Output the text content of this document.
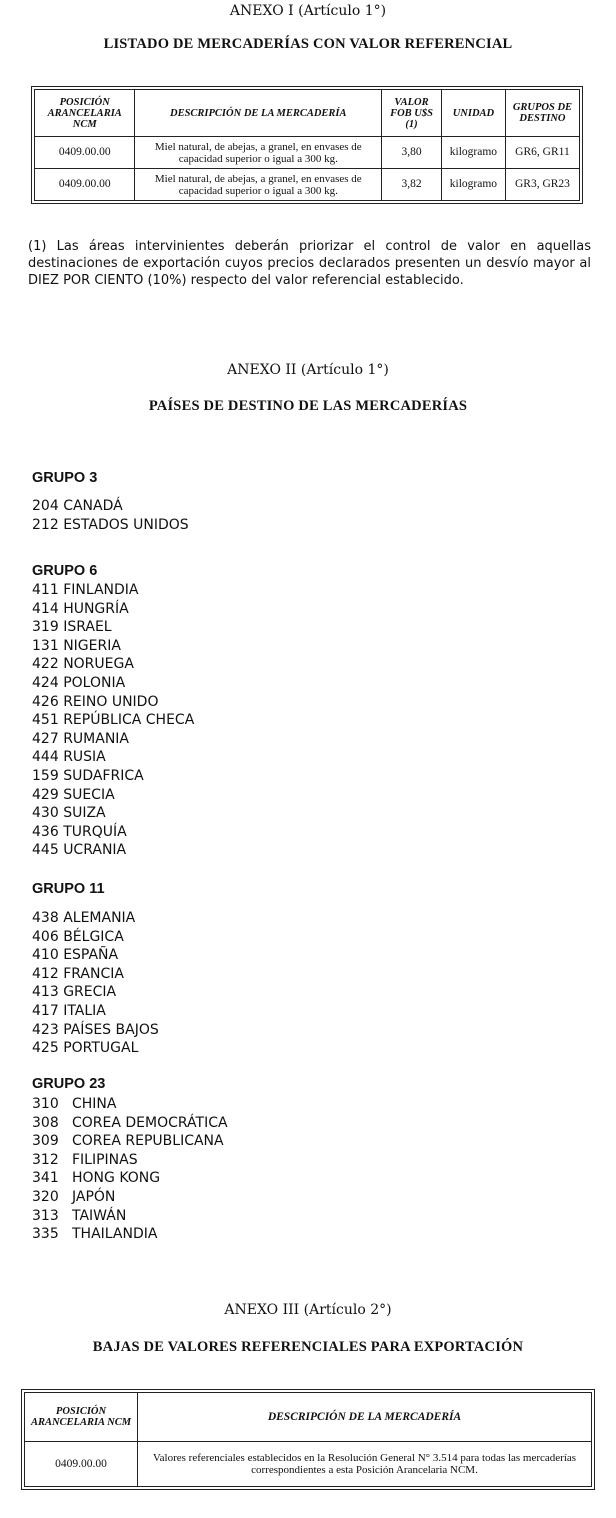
ANEXO I (Artículo 1°)
LISTADO DE MERCADERÍAS CON VALOR REFERENCIAL
POSICIÓN ARANCELARIA NCM	DESCRIPCIÓN DE LA MERCADERÍA	VALOR FOB U$S (1)	UNIDAD	GRUPOS DE DESTINO
0409.00.00	Miel natural, de abejas, a granel, en envases de capacidad superior o igual a 300 kg.	3,80	kilogramo	GR6, GR11
0409.00.00	Miel natural, de abejas, a granel, en envases de capacidad superior o igual a 300 kg.	3,82	kilogramo	GR3, GR23
(1) Las áreas intervinientes deberán priorizar el control de valor en aquellas destinaciones de exportación cuyos precios declarados presenten un desvío mayor al DIEZ POR CIENTO (10%) respecto del valor referencial establecido.
ANEXO II (Artículo 1°)
PAÍSES DE DESTINO DE LAS MERCADERÍAS
GRUPO 3
204 CANADÁ
212 ESTADOS UNIDOS
GRUPO 6
411 FINLANDIA
414 HUNGRÍA
319 ISRAEL
131 NIGERIA
422 NORUEGA
424 POLONIA
426 REINO UNIDO
451 REPÚBLICA CHECA
427 RUMANIA
444 RUSIA
159 SUDAFRICA
429 SUECIA
430 SUIZA
436 TURQUÍA
445 UCRANIA
GRUPO 11
438 ALEMANIA
406 BÉLGICA
410 ESPAÑA
412 FRANCIA
413 GRECIA
417 ITALIA
423 PAÍSES BAJOS
425 PORTUGAL
GRUPO 23
310 CHINA
308 COREA DEMOCRÁTICA
309 COREA REPUBLICANA
312 FILIPINAS
341 HONG KONG
320 JAPÓN
313 TAIWÁN
335 THAILANDIA
ANEXO III (Artículo 2°)
BAJAS DE VALORES REFERENCIALES PARA EXPORTACIÓN
POSICIÓN ARANCELARIA NCM	DESCRIPCIÓN DE LA MERCADERÍA
0409.00.00	Valores referenciales establecidos en la Resolución General N° 3.514 para todas las mercaderías correspondientes a esta Posición Arancelaria NCM.
